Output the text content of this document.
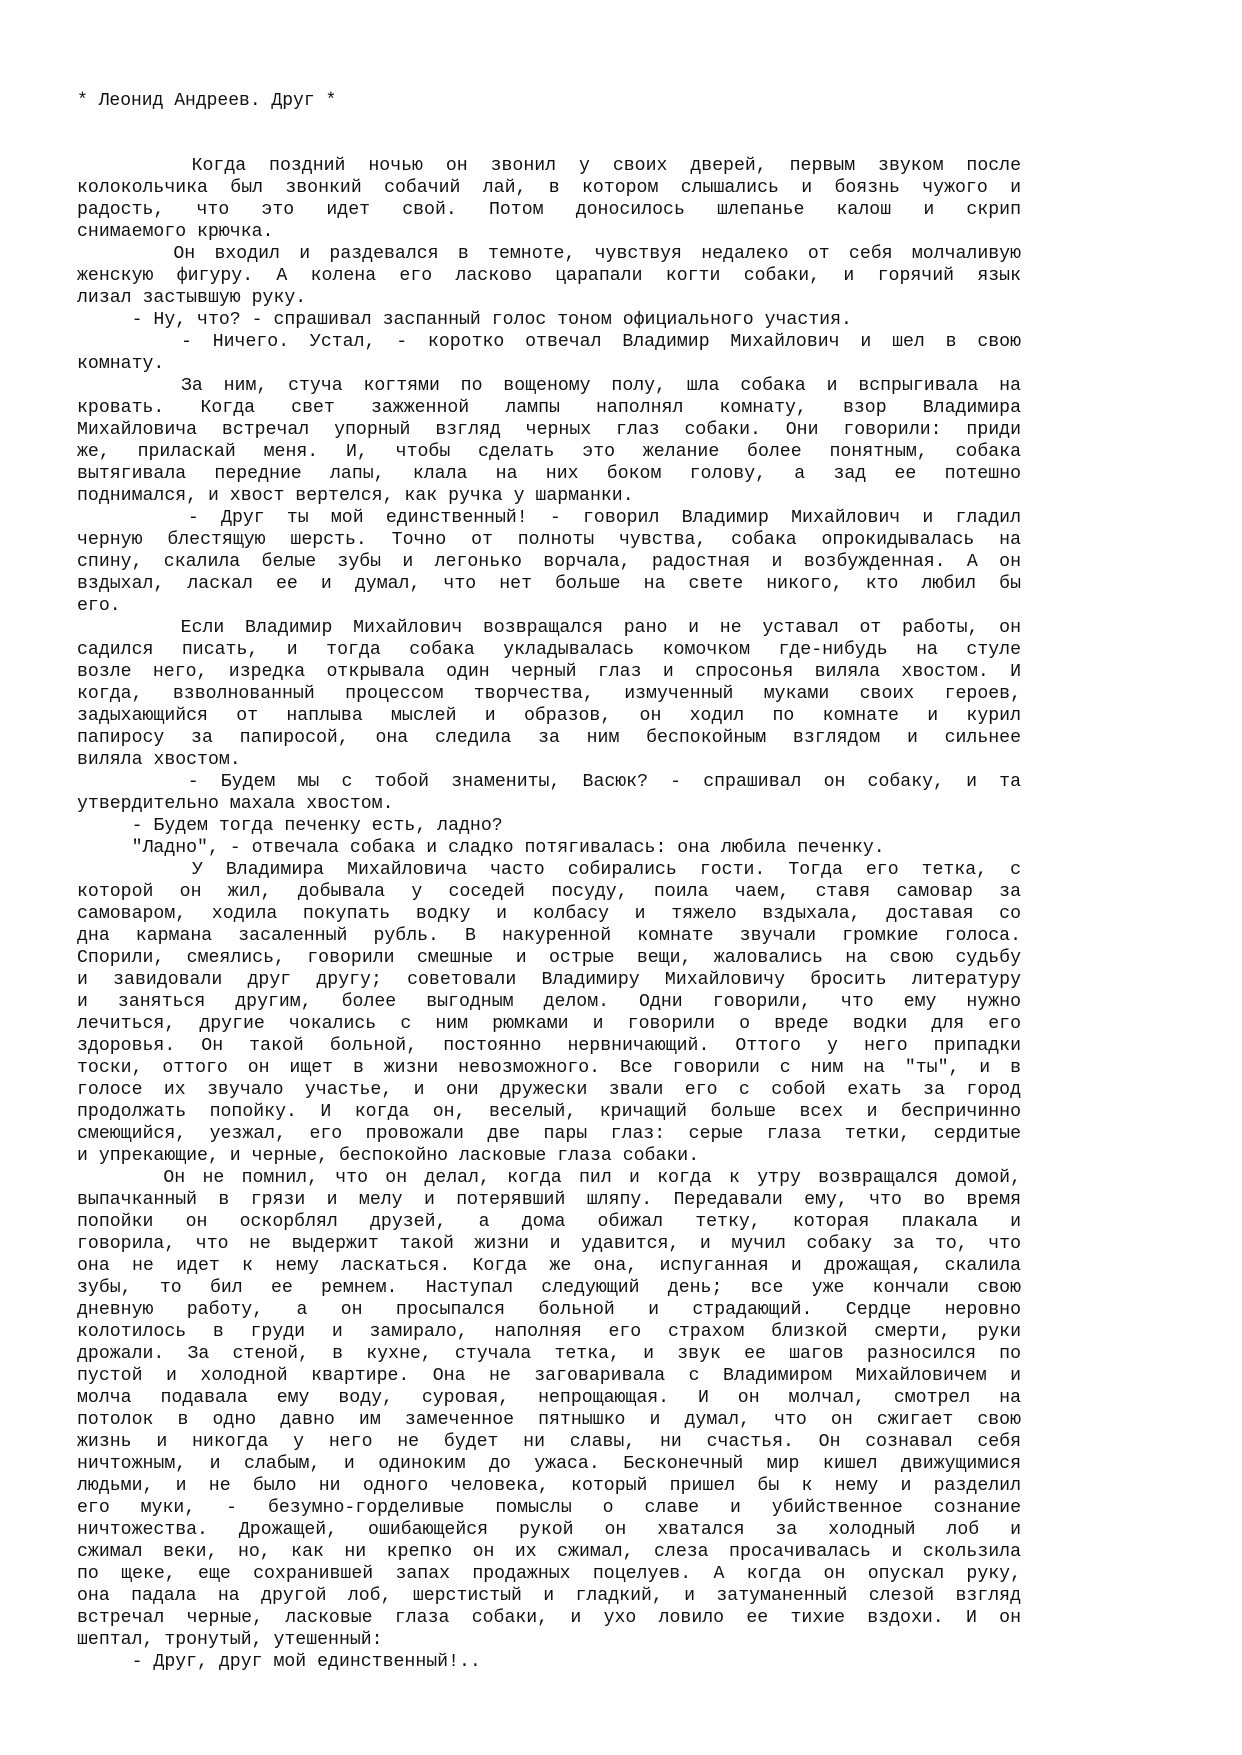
* Леонид Андреев. Друг *
Когда поздний ночью он звонил у своих дверей, первым звуком после
колокольчика был звонкий собачий лай, в котором слышались и боязнь чужого и
радость, что это идет свой. Потом доносилось шлепанье калош и скрип
снимаемого крючка.
Он входил и раздевался в темноте, чувствуя недалеко от себя молчаливую
женскую фигуру. А колена его ласково царапали когти собаки, и горячий язык
лизал застывшую руку.
- Ну, что? - спрашивал заспанный голос тоном официального участия.
- Ничего. Устал, - коротко отвечал Владимир Михайлович и шел в свою
комнату.
За ним, стуча когтями по вощеному полу, шла собака и вспрыгивала на
кровать. Когда свет зажженной лампы наполнял комнату, взор Владимира
Михайловича встречал упорный взгляд черных глаз собаки. Они говорили: приди
же, приласкай меня. И, чтобы сделать это желание более понятным, собака
вытягивала передние лапы, клала на них боком голову, а зад ее потешно
поднимался, и хвост вертелся, как ручка у шарманки.
- Друг ты мой единственный! - говорил Владимир Михайлович и гладил
черную блестящую шерсть. Точно от полноты чувства, собака опрокидывалась на
спину, скалила белые зубы и легонько ворчала, радостная и возбужденная. А он
вздыхал, ласкал ее и думал, что нет больше на свете никого, кто любил бы
его.
Если Владимир Михайлович возвращался рано и не уставал от работы, он
садился писать, и тогда собака укладывалась комочком где-нибудь на стуле
возле него, изредка открывала один черный глаз и спросонья виляла хвостом. И
когда, взволнованный процессом творчества, измученный муками своих героев,
задыхающийся от наплыва мыслей и образов, он ходил по комнате и курил
папиросу за папиросой, она следила за ним беспокойным взглядом и сильнее
виляла хвостом.
- Будем мы с тобой знамениты, Васюк? - спрашивал он собаку, и та
утвердительно махала хвостом.
- Будем тогда печенку есть, ладно?
"Ладно", - отвечала собака и сладко потягивалась: она любила печенку.
У Владимира Михайловича часто собирались гости. Тогда его тетка, с
которой он жил, добывала у соседей посуду, поила чаем, ставя самовар за
самоваром, ходила покупать водку и колбасу и тяжело вздыхала, доставая со
дна кармана засаленный рубль. В накуренной комнате звучали громкие голоса.
Спорили, смеялись, говорили смешные и острые вещи, жаловались на свою судьбу
и завидовали друг другу; советовали Владимиру Михайловичу бросить литературу
и заняться другим, более выгодным делом. Одни говорили, что ему нужно
лечиться, другие чокались с ним рюмками и говорили о вреде водки для его
здоровья. Он такой больной, постоянно нервничающий. Оттого у него припадки
тоски, оттого он ищет в жизни невозможного. Все говорили с ним на "ты", и в
голосе их звучало участье, и они дружески звали его с собой ехать за город
продолжать попойку. И когда он, веселый, кричащий больше всех и беспричинно
смеющийся, уезжал, его провожали две пары глаз: серые глаза тетки, сердитые
и упрекающие, и черные, беспокойно ласковые глаза собаки.
Он не помнил, что он делал, когда пил и когда к утру возвращался домой,
выпачканный в грязи и мелу и потерявший шляпу. Передавали ему, что во время
попойки он оскорблял друзей, а дома обижал тетку, которая плакала и
говорила, что не выдержит такой жизни и удавится, и мучил собаку за то, что
она не идет к нему ласкаться. Когда же она, испуганная и дрожащая, скалила
зубы, то бил ее ремнем. Наступал следующий день; все уже кончали свою
дневную работу, а он просыпался больной и страдающий. Сердце неровно
колотилось в груди и замирало, наполняя его страхом близкой смерти, руки
дрожали. За стеной, в кухне, стучала тетка, и звук ее шагов разносился по
пустой и холодной квартире. Она не заговаривала с Владимиром Михайловичем и
молча подавала ему воду, суровая, непрощающая. И он молчал, смотрел на
потолок в одно давно им замеченное пятнышко и думал, что он сжигает свою
жизнь и никогда у него не будет ни славы, ни счастья. Он сознавал себя
ничтожным, и слабым, и одиноким до ужаса. Бесконечный мир кишел движущимися
людьми, и не было ни одного человека, который пришел бы к нему и разделил
его муки, - безумно-горделивые помыслы о славе и убийственное сознание
ничтожества. Дрожащей, ошибающейся рукой он хватался за холодный лоб и
сжимал веки, но, как ни крепко он их сжимал, слеза просачивалась и скользила
по щеке, еще сохранившей запах продажных поцелуев. А когда он опускал руку,
она падала на другой лоб, шерстистый и гладкий, и затуманенный слезой взгляд
встречал черные, ласковые глаза собаки, и ухо ловило ее тихие вздохи. И он
шептал, тронутый, утешенный:
- Друг, друг мой единственный!..
